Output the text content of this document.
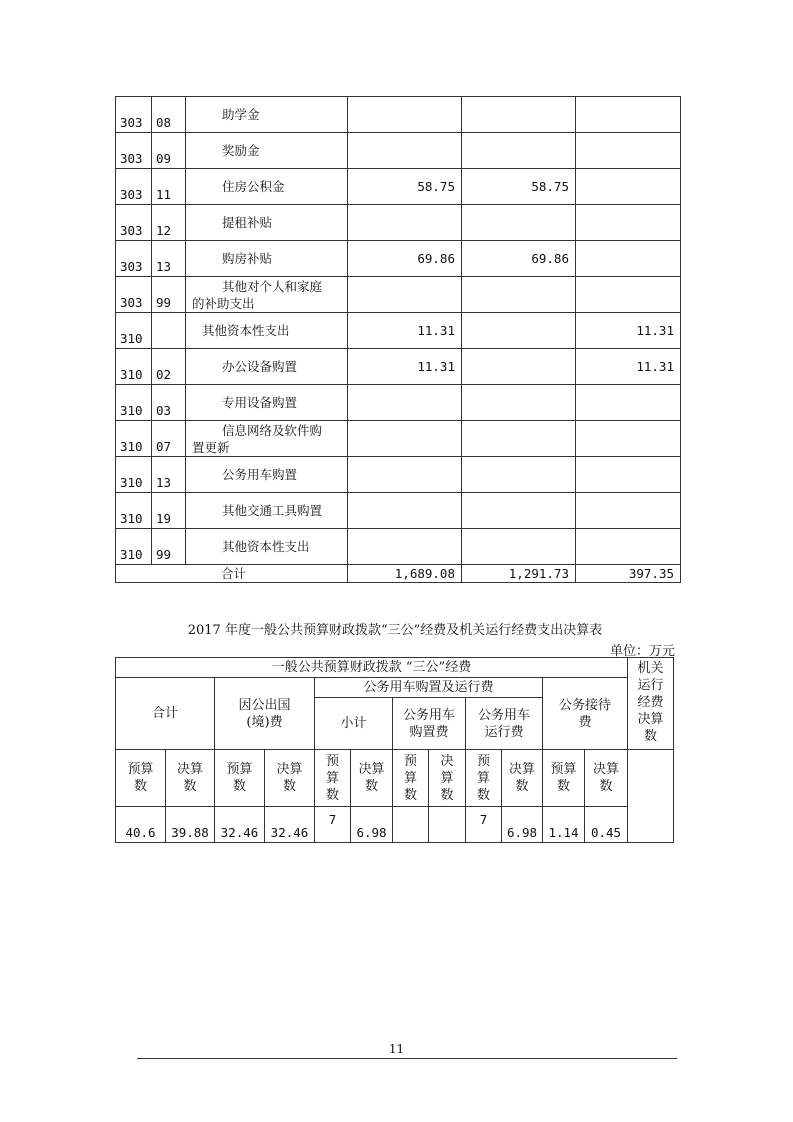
303	08	助学金			

303	09	奖励金			

303	11	住房公积金	58.75	58.75	
303	12	提租补贴			

303	13	购房补贴	69.86	69.86	
303	99	其他对个人和家庭
的补助支出			

310		其他资本性支出	11.31		11.31
310	02	办公设备购置	11.31		11.31
310	03	专用设备购置			

310	07	信息网络及软件购
置更新			

310	13	公务用车购置			

310	19	其他交通工具购置			

310	99	其他资本性支出			

合计			1,689.08	1,291.73	397.35
2017 年度一般公共预算财政拨款“三公”经费及机关运行经费支出决算表
单位：万元
一般公共预算财政拨款 “三公”经费												机关运行经费决算数
合计		因公出国(境)费		公务用车购置及运行费						公务接待费		
				小计		公务用车购置费		公务用车运行费				
预算数	决算数	预算数	决算数	预算数	决算数	预算数	决算数	预算数	决算数	预算数	决算数	
40.6	39.88	32.46	32.46	7	6.98			7	6.98	1.14	0.45	
11
